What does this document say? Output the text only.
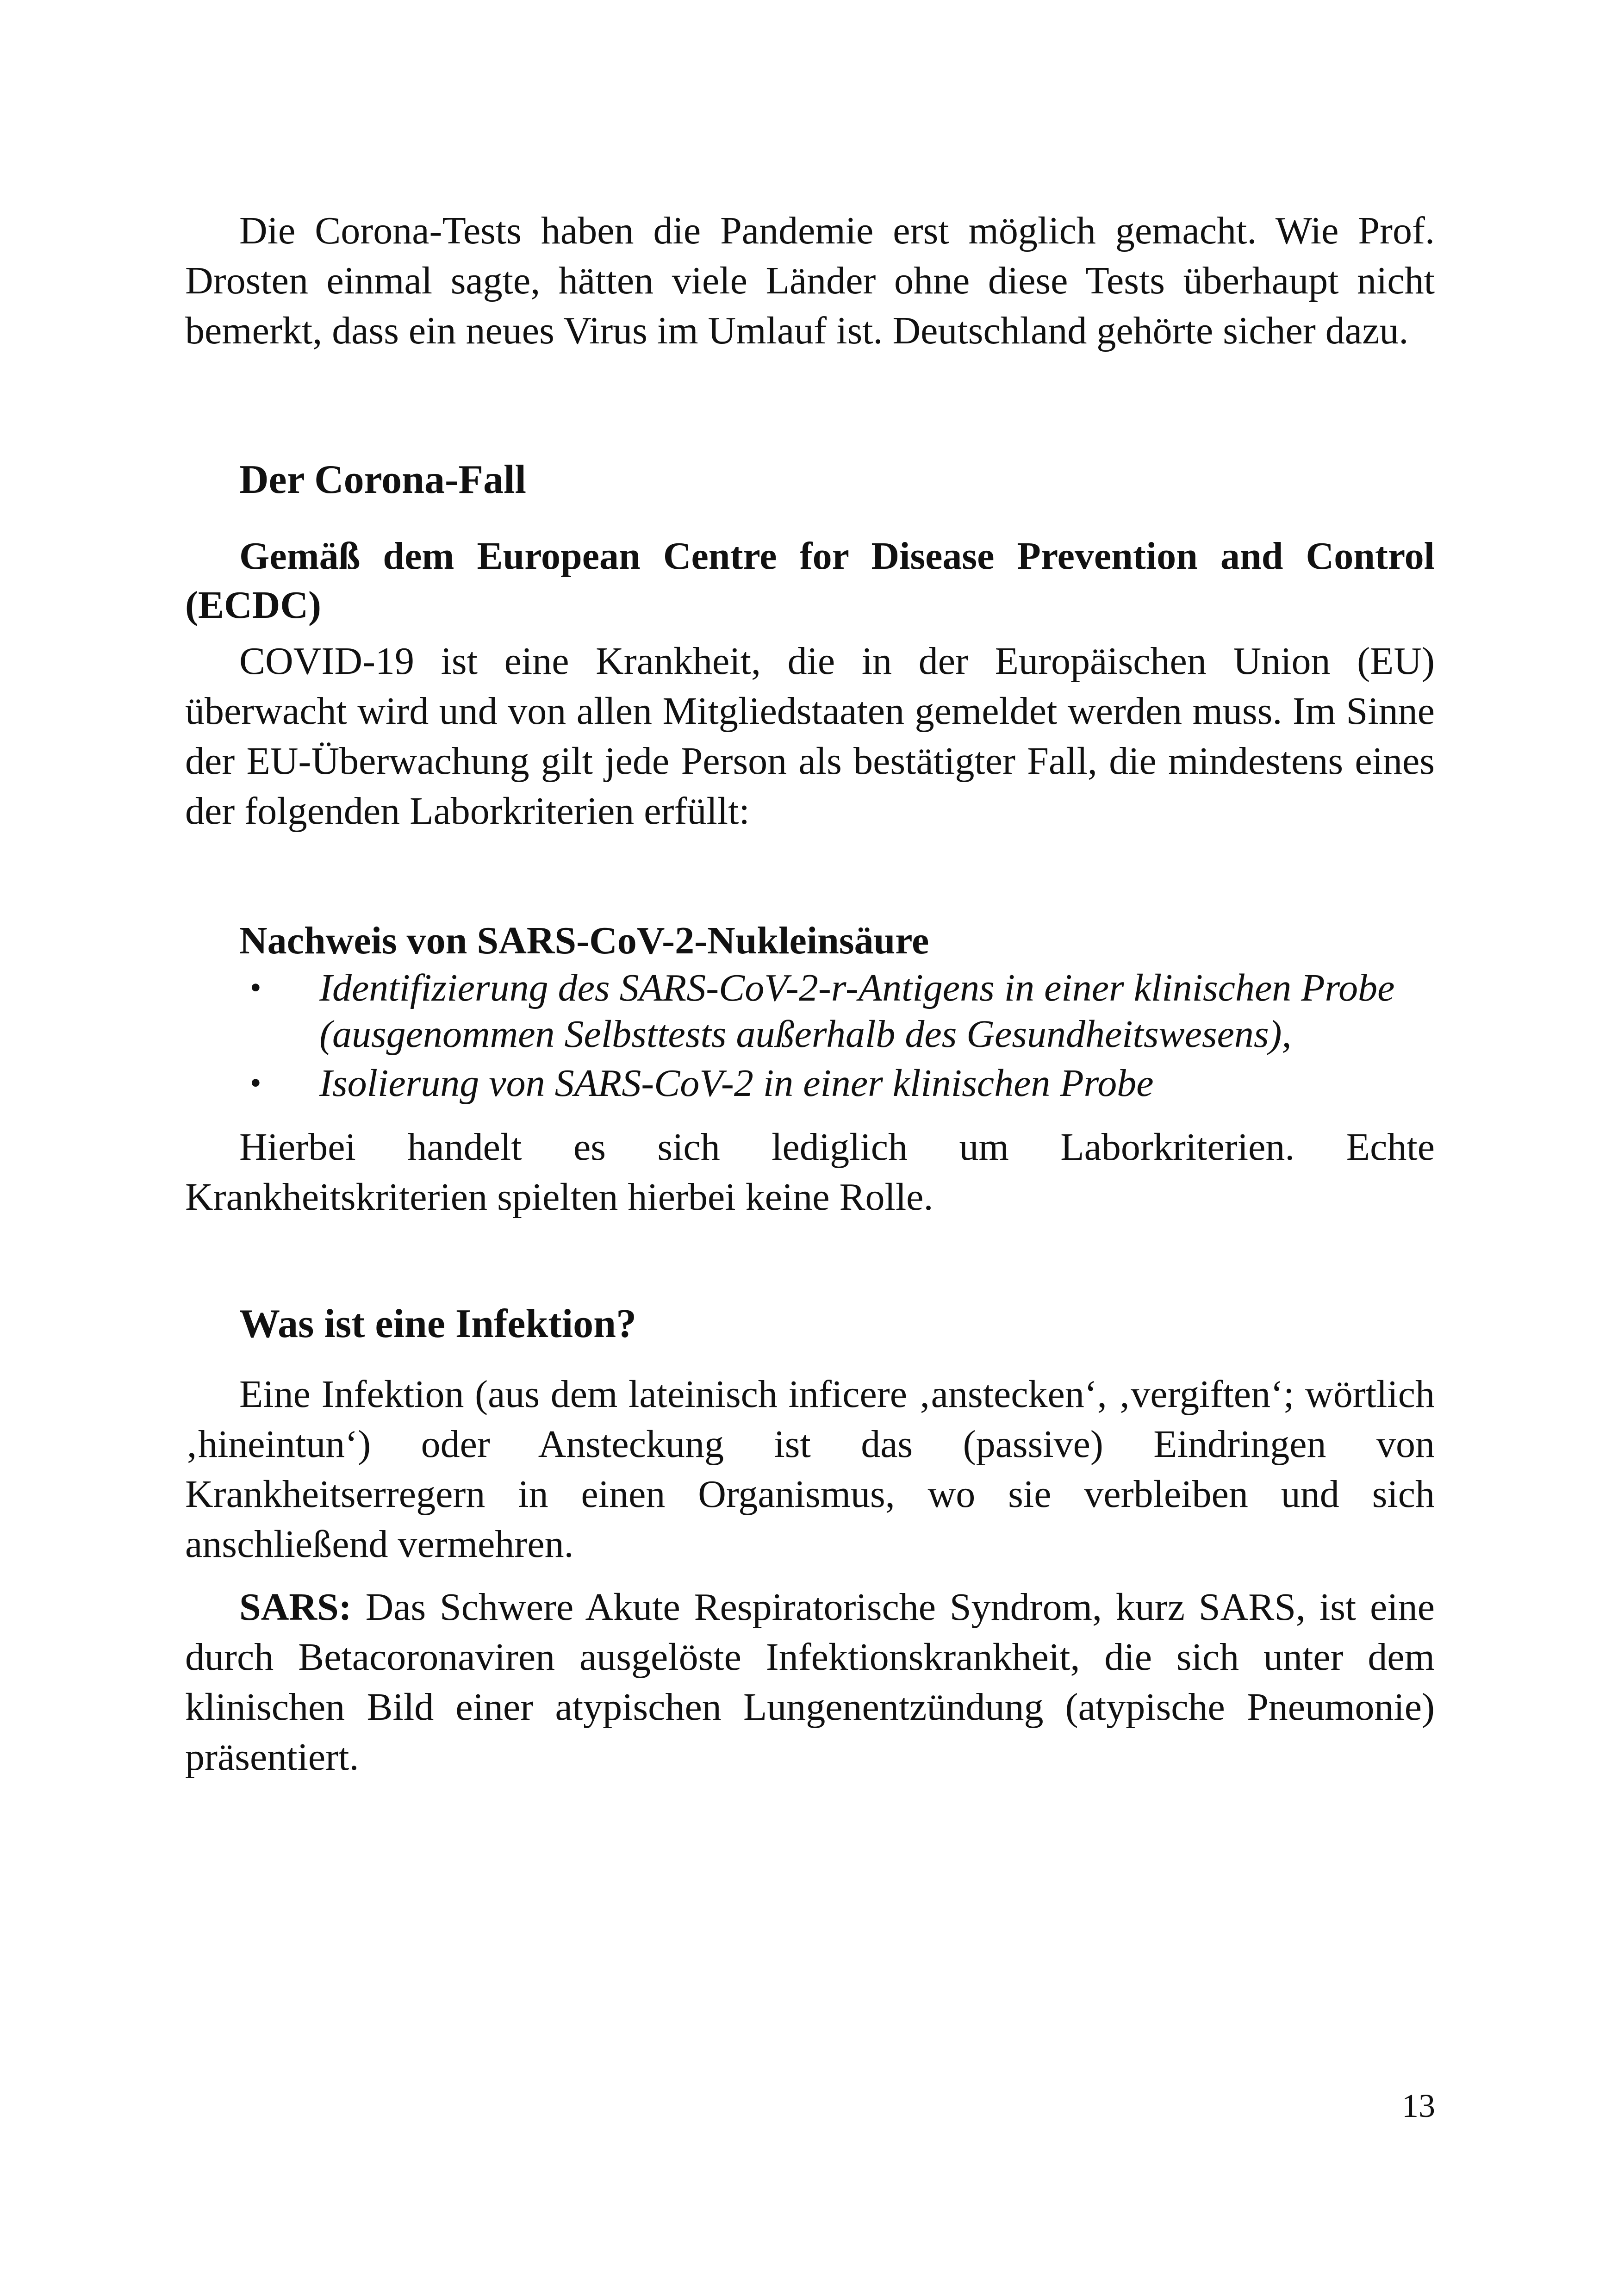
Die Corona-Tests haben die Pandemie erst möglich gemacht. Wie Prof. Drosten einmal sagte, hätten viele Länder ohne diese Tests überhaupt nicht bemerkt, dass ein neues Virus im Umlauf ist. Deutschland gehörte sicher dazu.

Der Corona-Fall
Gemäß dem European Centre for Disease Prevention and Control (ECDC)

COVID-19 ist eine Krankheit, die in der Europäischen Union (EU) überwacht wird und von allen Mitgliedstaaten gemeldet werden muss. Im Sinne der EU-Überwachung gilt jede Person als bestätigter Fall, die mindestens eines der folgenden Laborkriterien erfüllt:

Nachweis von SARS-CoV-2-Nukleinsäure
• Identifizierung des SARS-CoV-2-r-Antigens in einer klinischen Probe (ausgenommen Selbsttests außerhalb des Gesundheitswesens),
• Isolierung von SARS-CoV-2 in einer klinischen Probe

Hierbei handelt es sich lediglich um Laborkriterien. Echte Krankheitskriterien spielten hierbei keine Rolle.

Was ist eine Infektion?

Eine Infektion (aus dem lateinisch inficere ‚anstecken‘, ‚vergiften‘; wörtlich ‚hineintun‘) oder Ansteckung ist das (passive) Eindringen von Krankheitserregern in einen Organismus, wo sie verbleiben und sich anschließend vermehren.

SARS: Das Schwere Akute Respiratorische Syndrom, kurz SARS, ist eine durch Betacoronaviren ausgelöste Infektionskrankheit, die sich unter dem klinischen Bild einer atypischen Lungenentzündung (atypische Pneumonie) präsentiert.

13
